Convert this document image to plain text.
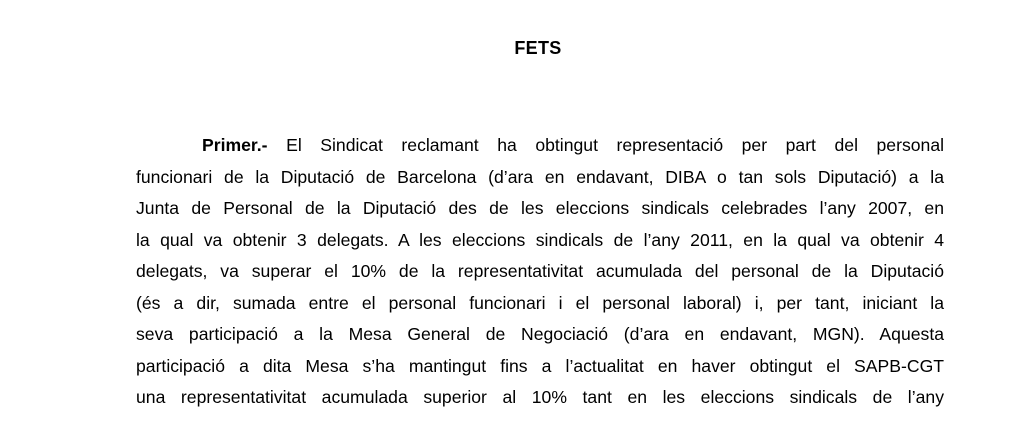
FETS
Primer.- El Sindicat reclamant ha obtingut representació per part del personal
funcionari de la Diputació de Barcelona (d’ara en endavant, DIBA o tan sols Diputació) a la
Junta de Personal de la Diputació des de les eleccions sindicals celebrades l’any 2007, en
la qual va obtenir 3 delegats. A les eleccions sindicals de l’any 2011, en la qual va obtenir 4
delegats, va superar el 10% de la representativitat acumulada del personal de la Diputació
(és a dir, sumada entre el personal funcionari i el personal laboral) i, per tant, iniciant la
seva participació a la Mesa General de Negociació (d’ara en endavant, MGN). Aquesta
participació a dita Mesa s’ha mantingut fins a l’actualitat en haver obtingut el SAPB-CGT
una representativitat acumulada superior al 10% tant en les eleccions sindicals de l’any
